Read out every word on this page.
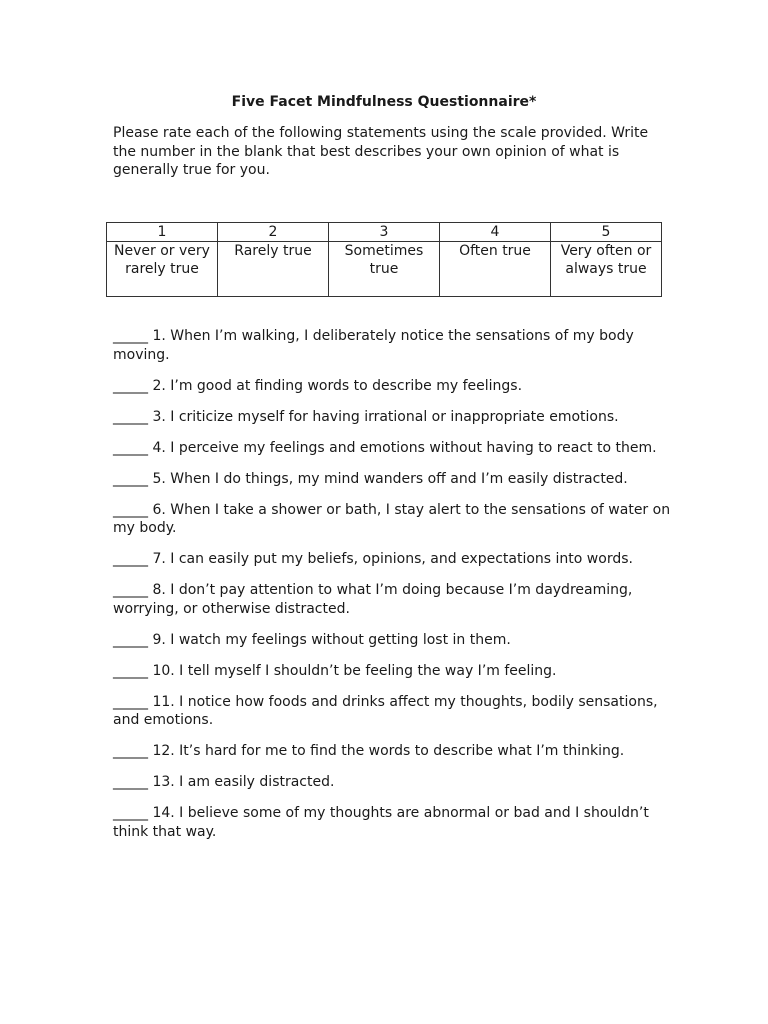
Five Facet Mindfulness Questionnaire*
Please rate each of the following statements using the scale provided. Write the number in the blank that best describes your own opinion of what is generally true for you.
1	2	3	4	5
Never or very rarely true	Rarely true	Sometimes true	Often true	Very often or always true
_____ 1. When I’m walking, I deliberately notice the sensations of my body moving.
_____ 2. I’m good at finding words to describe my feelings.
_____ 3. I criticize myself for having irrational or inappropriate emotions.
_____ 4. I perceive my feelings and emotions without having to react to them.
_____ 5. When I do things, my mind wanders off and I’m easily distracted.
_____ 6. When I take a shower or bath, I stay alert to the sensations of water on my body.
_____ 7. I can easily put my beliefs, opinions, and expectations into words.
_____ 8. I don’t pay attention to what I’m doing because I’m daydreaming, worrying, or otherwise distracted.
_____ 9. I watch my feelings without getting lost in them.
_____ 10. I tell myself I shouldn’t be feeling the way I’m feeling.
_____ 11. I notice how foods and drinks affect my thoughts, bodily sensations, and emotions.
_____ 12. It’s hard for me to find the words to describe what I’m thinking.
_____ 13. I am easily distracted.
_____ 14. I believe some of my thoughts are abnormal or bad and I shouldn’t think that way.
